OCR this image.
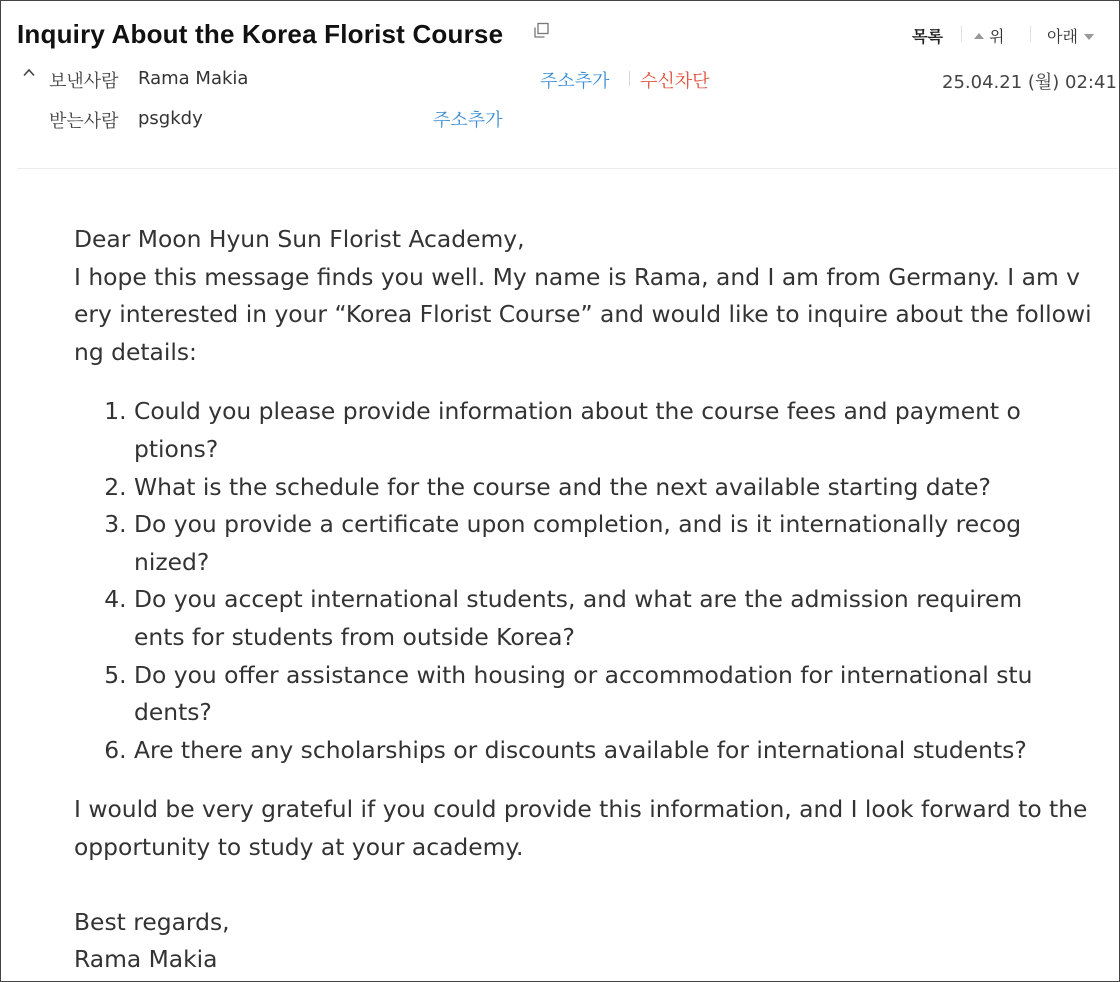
Inquiry About the Korea Florist Course	목록	위	아래
보낸사람 Rama Makia	주소추가 수신차단	25.04.21 (월) 02:41
받는사람 psgkdy	주소추가

Dear Moon Hyun Sun Florist Academy,

I hope this message finds you well. My name is Rama, and I am from Germany. I am very interested in your “Korea Florist Course” and would like to inquire about the following details:

1. Could you please provide information about the course fees and payment options?
2. What is the schedule for the course and the next available starting date?
3. Do you provide a certificate upon completion, and is it internationally recognized?
4. Do you accept international students, and what are the admission requirements for students from outside Korea?
5. Do you offer assistance with housing or accommodation for international students?
6. Are there any scholarships or discounts available for international students?

I would be very grateful if you could provide this information, and I look forward to the opportunity to study at your academy.

Best regards,

Rama Makia
